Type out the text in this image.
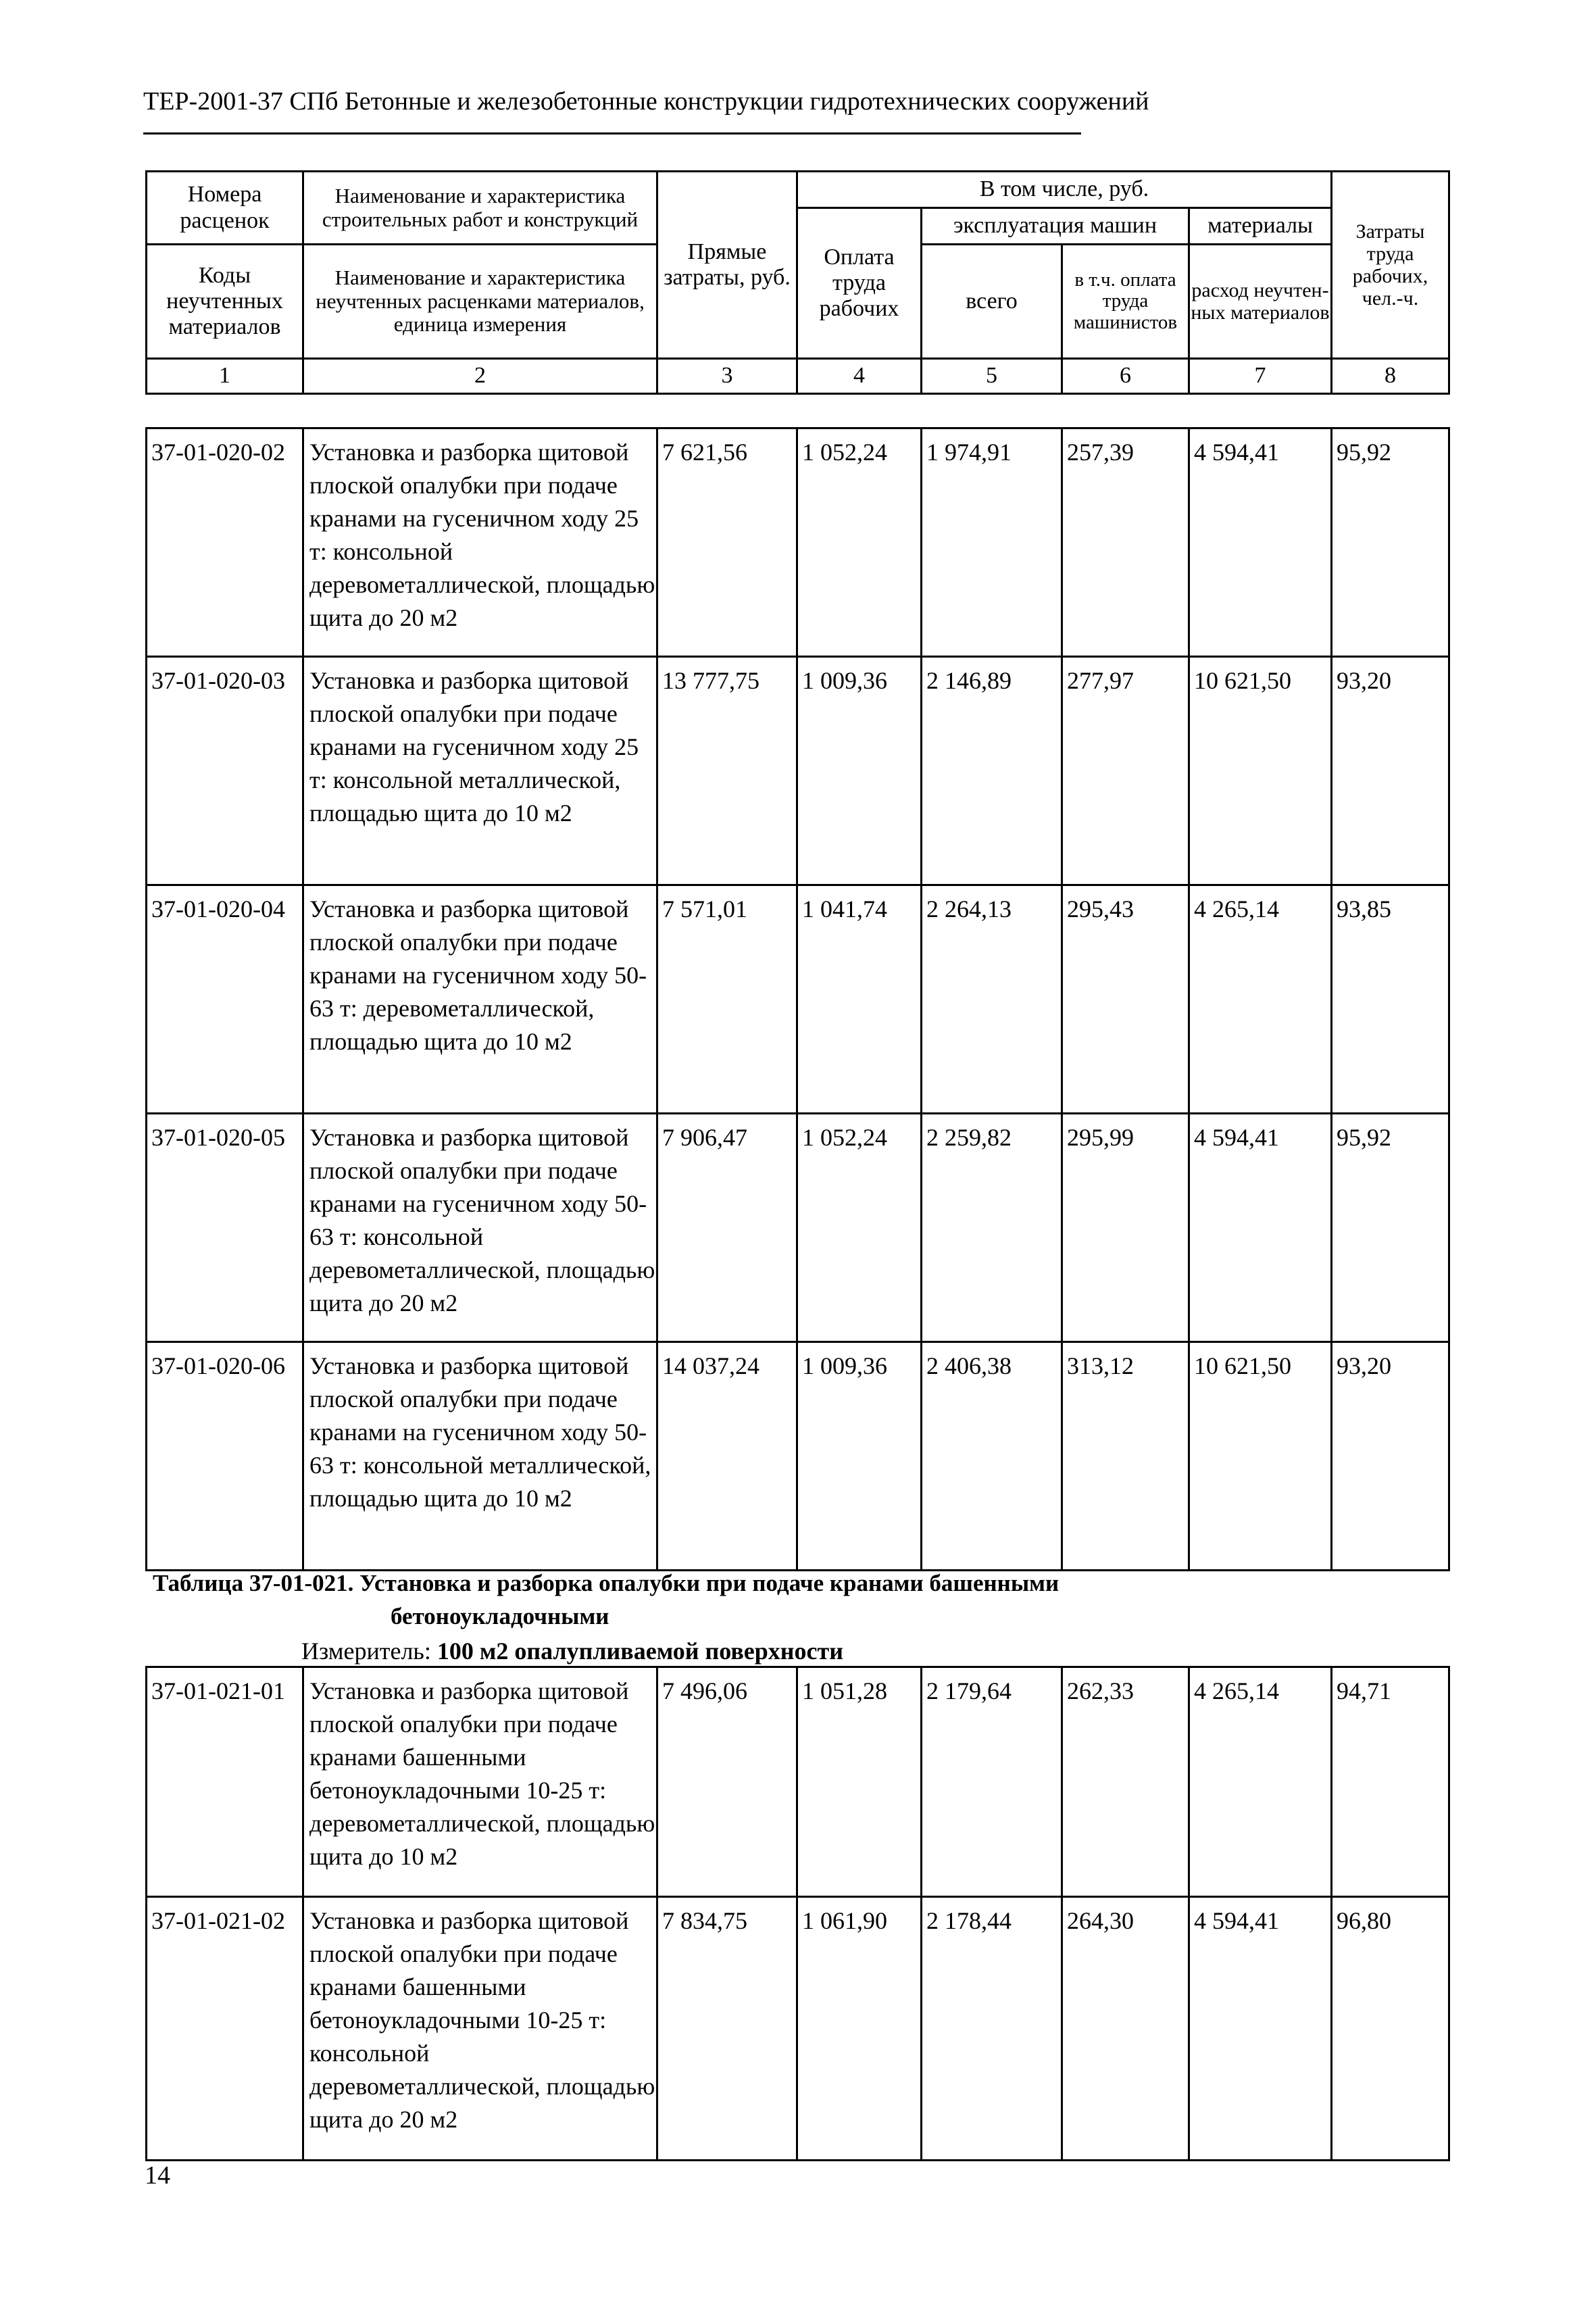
ТЕР-2001-37 СПб Бетонные и железобетонные конструкции гидротехнических сооружений
Номера расценок	Наименование и характеристика строительных работ и конструкций	Прямые затраты, руб.	В том числе, руб.				Затраты труда рабочих, чел.-ч.
			Оплата труда рабочих	эксплуатация машин		материалы	
Коды неучтенных материалов	Наименование и характеристика неучтенных расценками материалов, единица измерения			всего	в т.ч. оплата труда машинистов	расход неучтен-ных материалов	

1	2	3	4	5	6	7	8
37-01-020-02	Установка и разборка щитовой плоской опалубки при подаче кранами на гусеничном ходу 25 т: консольной деревометаллической, площадью щита до 20 м2	7 621,56	1 052,24	1 974,91	257,39	4 594,41	95,92
37-01-020-03	Установка и разборка щитовой плоской опалубки при подаче кранами на гусеничном ходу 25 т: консольной металлической, площадью щита до 10 м2	13 777,75	1 009,36	2 146,89	277,97	10 621,50	93,20
37-01-020-04	Установка и разборка щитовой плоской опалубки при подаче кранами на гусеничном ходу 50-63 т: деревометаллической, площадью щита до 10 м2	7 571,01	1 041,74	2 264,13	295,43	4 265,14	93,85
37-01-020-05	Установка и разборка щитовой плоской опалубки при подаче кранами на гусеничном ходу 50-63 т: консольной деревометаллической, площадью щита до 20 м2	7 906,47	1 052,24	2 259,82	295,99	4 594,41	95,92
37-01-020-06	Установка и разборка щитовой плоской опалубки при подаче кранами на гусеничном ходу 50-63 т: консольной металлической, площадью щита до 10 м2	14 037,24	1 009,36	2 406,38	313,12	10 621,50	93,20
Таблица 37-01-021. Установка и разборка опалубки при подаче кранами башенными
бетоноукладочными
Измеритель: 100 м2 опалупливаемой поверхности
37-01-021-01	Установка и разборка щитовой плоской опалубки при подаче кранами башенными бетоноукладочными 10-25 т: деревометаллической, площадью щита до 10 м2	7 496,06	1 051,28	2 179,64	262,33	4 265,14	94,71
37-01-021-02	Установка и разборка щитовой плоской опалубки при подаче кранами башенными бетоноукладочными 10-25 т: консольной деревометаллической, площадью щита до 20 м2	7 834,75	1 061,90	2 178,44	264,30	4 594,41	96,80
14
